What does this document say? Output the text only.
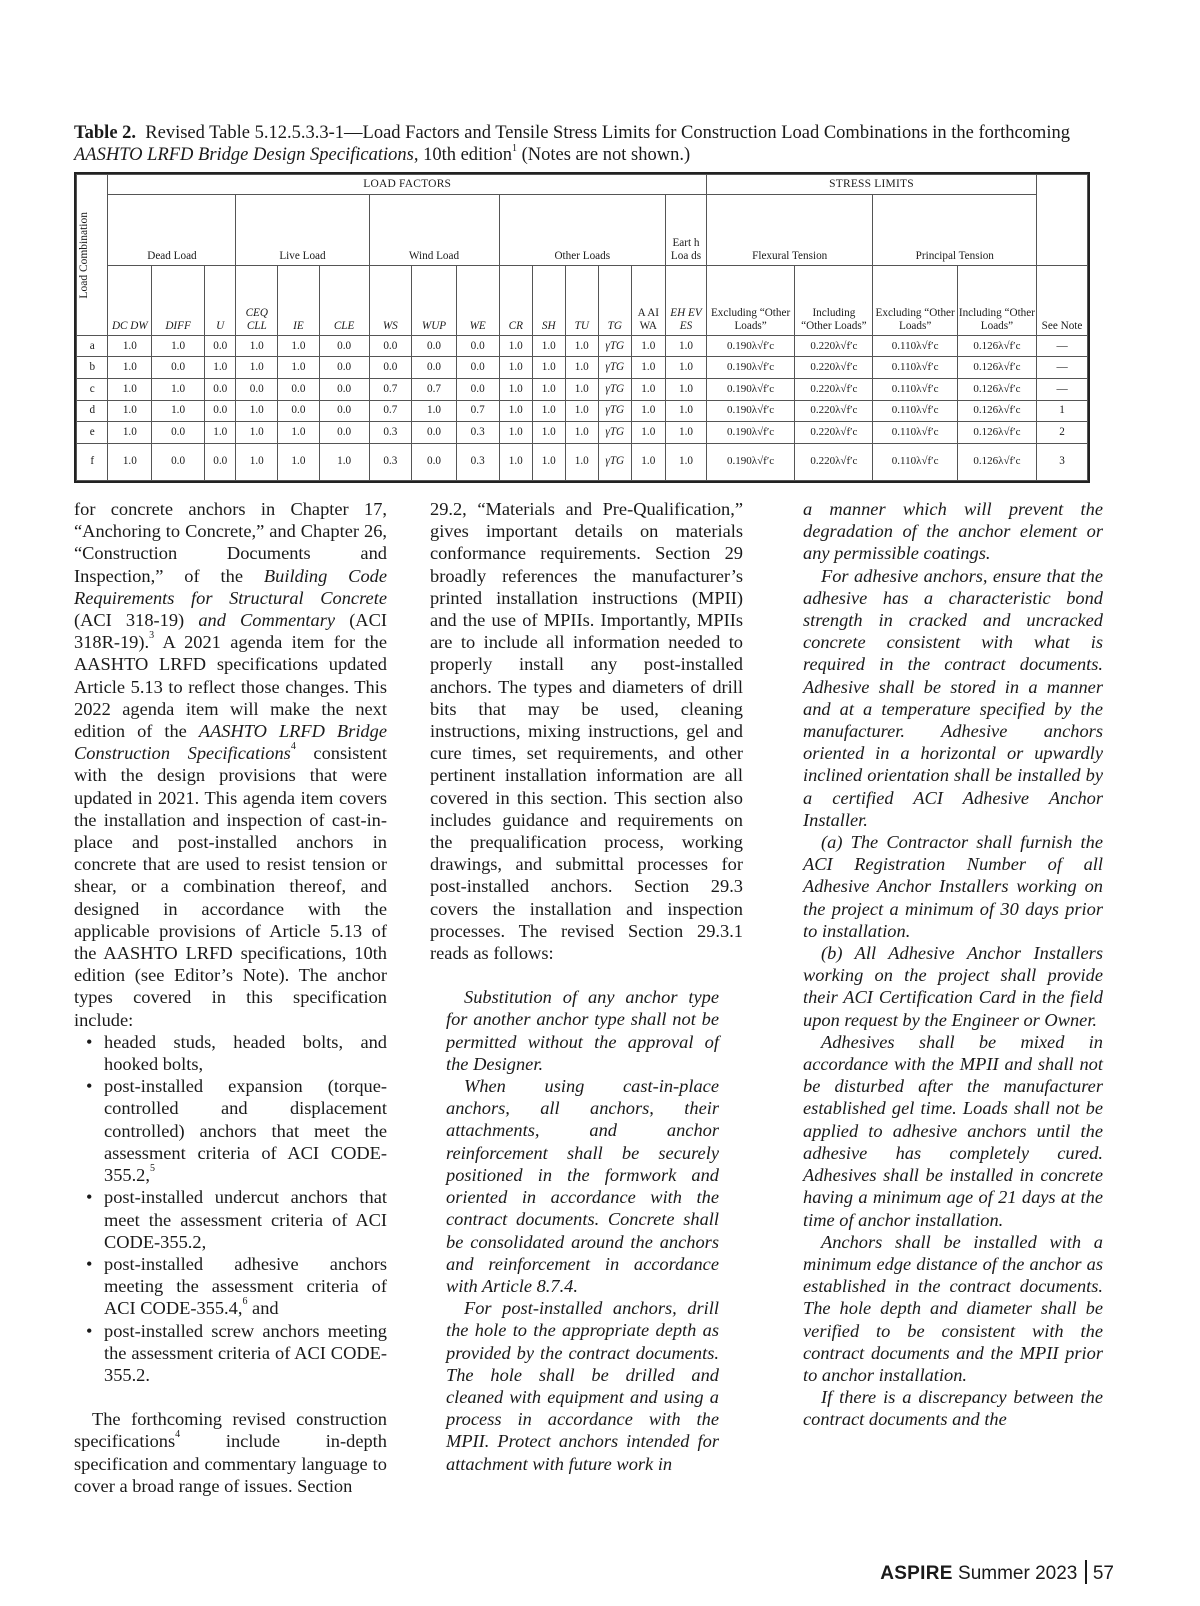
Table 2. Revised Table 5.12.5.3.3-1—Load Factors and Tensile Stress Limits for Construction Load Combinations in the forthcoming AASHTO LRFD Bridge Design Specifications, 10th edition$^1$ (Notes are not shown.)
Load Combination	LOAD FACTORS															STRESS LIMITS				
	Dead Load			Live Load			Wind Load			Other Loads					Eart h Loa ds	Flexural Tension		Principal Tension		
	DC DW	DIFF	U	CEQ CLL	IE	CLE	WS	WUP	WE	CR	SH	TU	TG	A AI WA	EH EV ES	Excluding “Other Loads”	Including “Other Loads”	Excluding “Other Loads”	Including “Other Loads”	See Note
a	1.0	1.0	0.0	1.0	1.0	0.0	0.0	0.0	0.0	1.0	1.0	1.0	γTG	1.0	1.0	0.190λ√f′c	0.220λ√f′c	0.110λ√f′c	0.126λ√f′c	—
b	1.0	0.0	1.0	1.0	1.0	0.0	0.0	0.0	0.0	1.0	1.0	1.0	γTG	1.0	1.0	0.190λ√f′c	0.220λ√f′c	0.110λ√f′c	0.126λ√f′c	—
c	1.0	1.0	0.0	0.0	0.0	0.0	0.7	0.7	0.0	1.0	1.0	1.0	γTG	1.0	1.0	0.190λ√f′c	0.220λ√f′c	0.110λ√f′c	0.126λ√f′c	—
d	1.0	1.0	0.0	1.0	0.0	0.0	0.7	1.0	0.7	1.0	1.0	1.0	γTG	1.0	1.0	0.190λ√f′c	0.220λ√f′c	0.110λ√f′c	0.126λ√f′c	1
e	1.0	0.0	1.0	1.0	1.0	0.0	0.3	0.0	0.3	1.0	1.0	1.0	γTG	1.0	1.0	0.190λ√f′c	0.220λ√f′c	0.110λ√f′c	0.126λ√f′c	2
f	1.0	0.0	0.0	1.0	1.0	1.0	0.3	0.0	0.3	1.0	1.0	1.0	γTG	1.0	1.0	0.190λ√f′c	0.220λ√f′c	0.110λ√f′c	0.126λ√f′c	3

for concrete anchors in Chapter 17, “Anchoring to Concrete,” and Chapter 26, “Construction Documents and Inspection,” of the Building Code Requirements for Structural Concrete (ACI 318-19) and Commentary (ACI 318R-19).$^3$ A 2021 agenda item for the AASHTO LRFD specifications updated Article 5.13 to reflect those changes. This 2022 agenda item will make the next edition of the AASHTO LRFD Bridge Construction Specifications$^4$ consistent with the design provisions that were updated in 2021. This agenda item covers the installation and inspection of cast-in-place and post-installed anchors in concrete that are used to resist tension or shear, or a combination thereof, and designed in accordance with the applicable provisions of Article 5.13 of the AASHTO LRFD specifications, 10th edition (see Editor’s Note). The anchor types covered in this specification include:

• headed studs, headed bolts, and hooked bolts,
• post-installed expansion (torque-controlled and displacement controlled) anchors that meet the assessment criteria of ACI CODE-355.2,$^5$
• post-installed undercut anchors that meet the assessment criteria of ACI CODE-355.2,
• post-installed adhesive anchors meeting the assessment criteria of ACI CODE-355.4,$^6$ and
• post-installed screw anchors meeting the assessment criteria of ACI CODE-355.2.

The forthcoming revised construction specifications$^4$ include in-depth specification and commentary language to cover a broad range of issues. Section

29.2, “Materials and Pre-Qualification,” gives important details on materials conformance requirements. Section 29 broadly references the manufacturer’s printed installation instructions (MPII) and the use of MPIIs. Importantly, MPIIs are to include all information needed to properly install any post-installed anchors. The types and diameters of drill bits that may be used, cleaning instructions, mixing instructions, gel and cure times, set requirements, and other pertinent installation information are all covered in this section. This section also includes guidance and requirements on the prequalification process, working drawings, and submittal processes for post-installed anchors. Section 29.3 covers the installation and inspection processes. The revised Section 29.3.1 reads as follows:

Substitution of any anchor type for another anchor type shall not be permitted without the approval of the Designer.

When using cast-in-place anchors, all anchors, their attachments, and anchor reinforcement shall be securely positioned in the formwork and oriented in accordance with the contract documents. Concrete shall be consolidated around the anchors and reinforcement in accordance with Article 8.7.4.

For post-installed anchors, drill the hole to the appropriate depth as provided by the contract documents. The hole shall be drilled and cleaned with equipment and using a process in accordance with the MPII. Protect anchors intended for attachment with future work in

a manner which will prevent the degradation of the anchor element or any permissible coatings.

For adhesive anchors, ensure that the adhesive has a characteristic bond strength in cracked and uncracked concrete consistent with what is required in the contract documents. Adhesive shall be stored in a manner and at a temperature specified by the manufacturer. Adhesive anchors oriented in a horizontal or upwardly inclined orientation shall be installed by a certified ACI Adhesive Anchor Installer.

(a) The Contractor shall furnish the ACI Registration Number of all Adhesive Anchor Installers working on the project a minimum of 30 days prior to installation.

(b) All Adhesive Anchor Installers working on the project shall provide their ACI Certification Card in the field upon request by the Engineer or Owner.

Adhesives shall be mixed in accordance with the MPII and shall not be disturbed after the manufacturer established gel time. Loads shall not be applied to adhesive anchors until the adhesive has completely cured. Adhesives shall be installed in concrete having a minimum age of 21 days at the time of anchor installation.

Anchors shall be installed with a minimum edge distance of the anchor as established in the contract documents. The hole depth and diameter shall be verified to be consistent with the contract documents and the MPII prior to anchor installation.

If there is a discrepancy between the contract documents and the

ASPIRE Summer 2023 57
